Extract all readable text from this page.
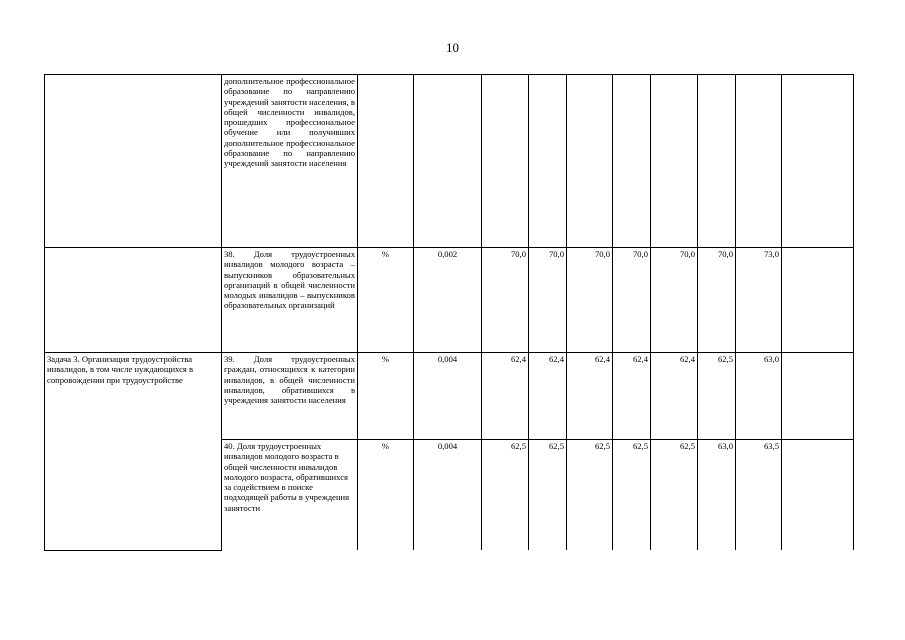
10
	дополнительное профессиональное образование по направлению учреждений занятости населения, в общей численности инвалидов, прошедших профессиональное обучение или получивших дополнительное профессиональное образование по направлению учреждений занятости населения										
	38. Доля трудоустроенных инвалидов молодого возраста – выпускников образовательных организаций в общей численности молодых инвалидов – выпускников образовательных организаций	%	0,002	70,0	70,0	70,0	70,0	70,0	70,0	73,0	
Задача 3. Организация трудоустройства инвалидов, в том числе нуждающихся в сопровождении при трудоустройстве	39. Доля трудоустроенных граждан, относящихся к категории инвалидов, в общей численности инвалидов, обратившихся в учреждения занятости населения	%	0,004	62,4	62,4	62,4	62,4	62,4	62,5	63,0	
	40. Доля трудоустроенных инвалидов молодого возраста в общей численности инвалидов молодого возраста, обратившихся за содействием в поиске подходящей работы в учреждения занятости	%	0,004	62,5	62,5	62,5	62,5	62,5	63,0	63,5	
